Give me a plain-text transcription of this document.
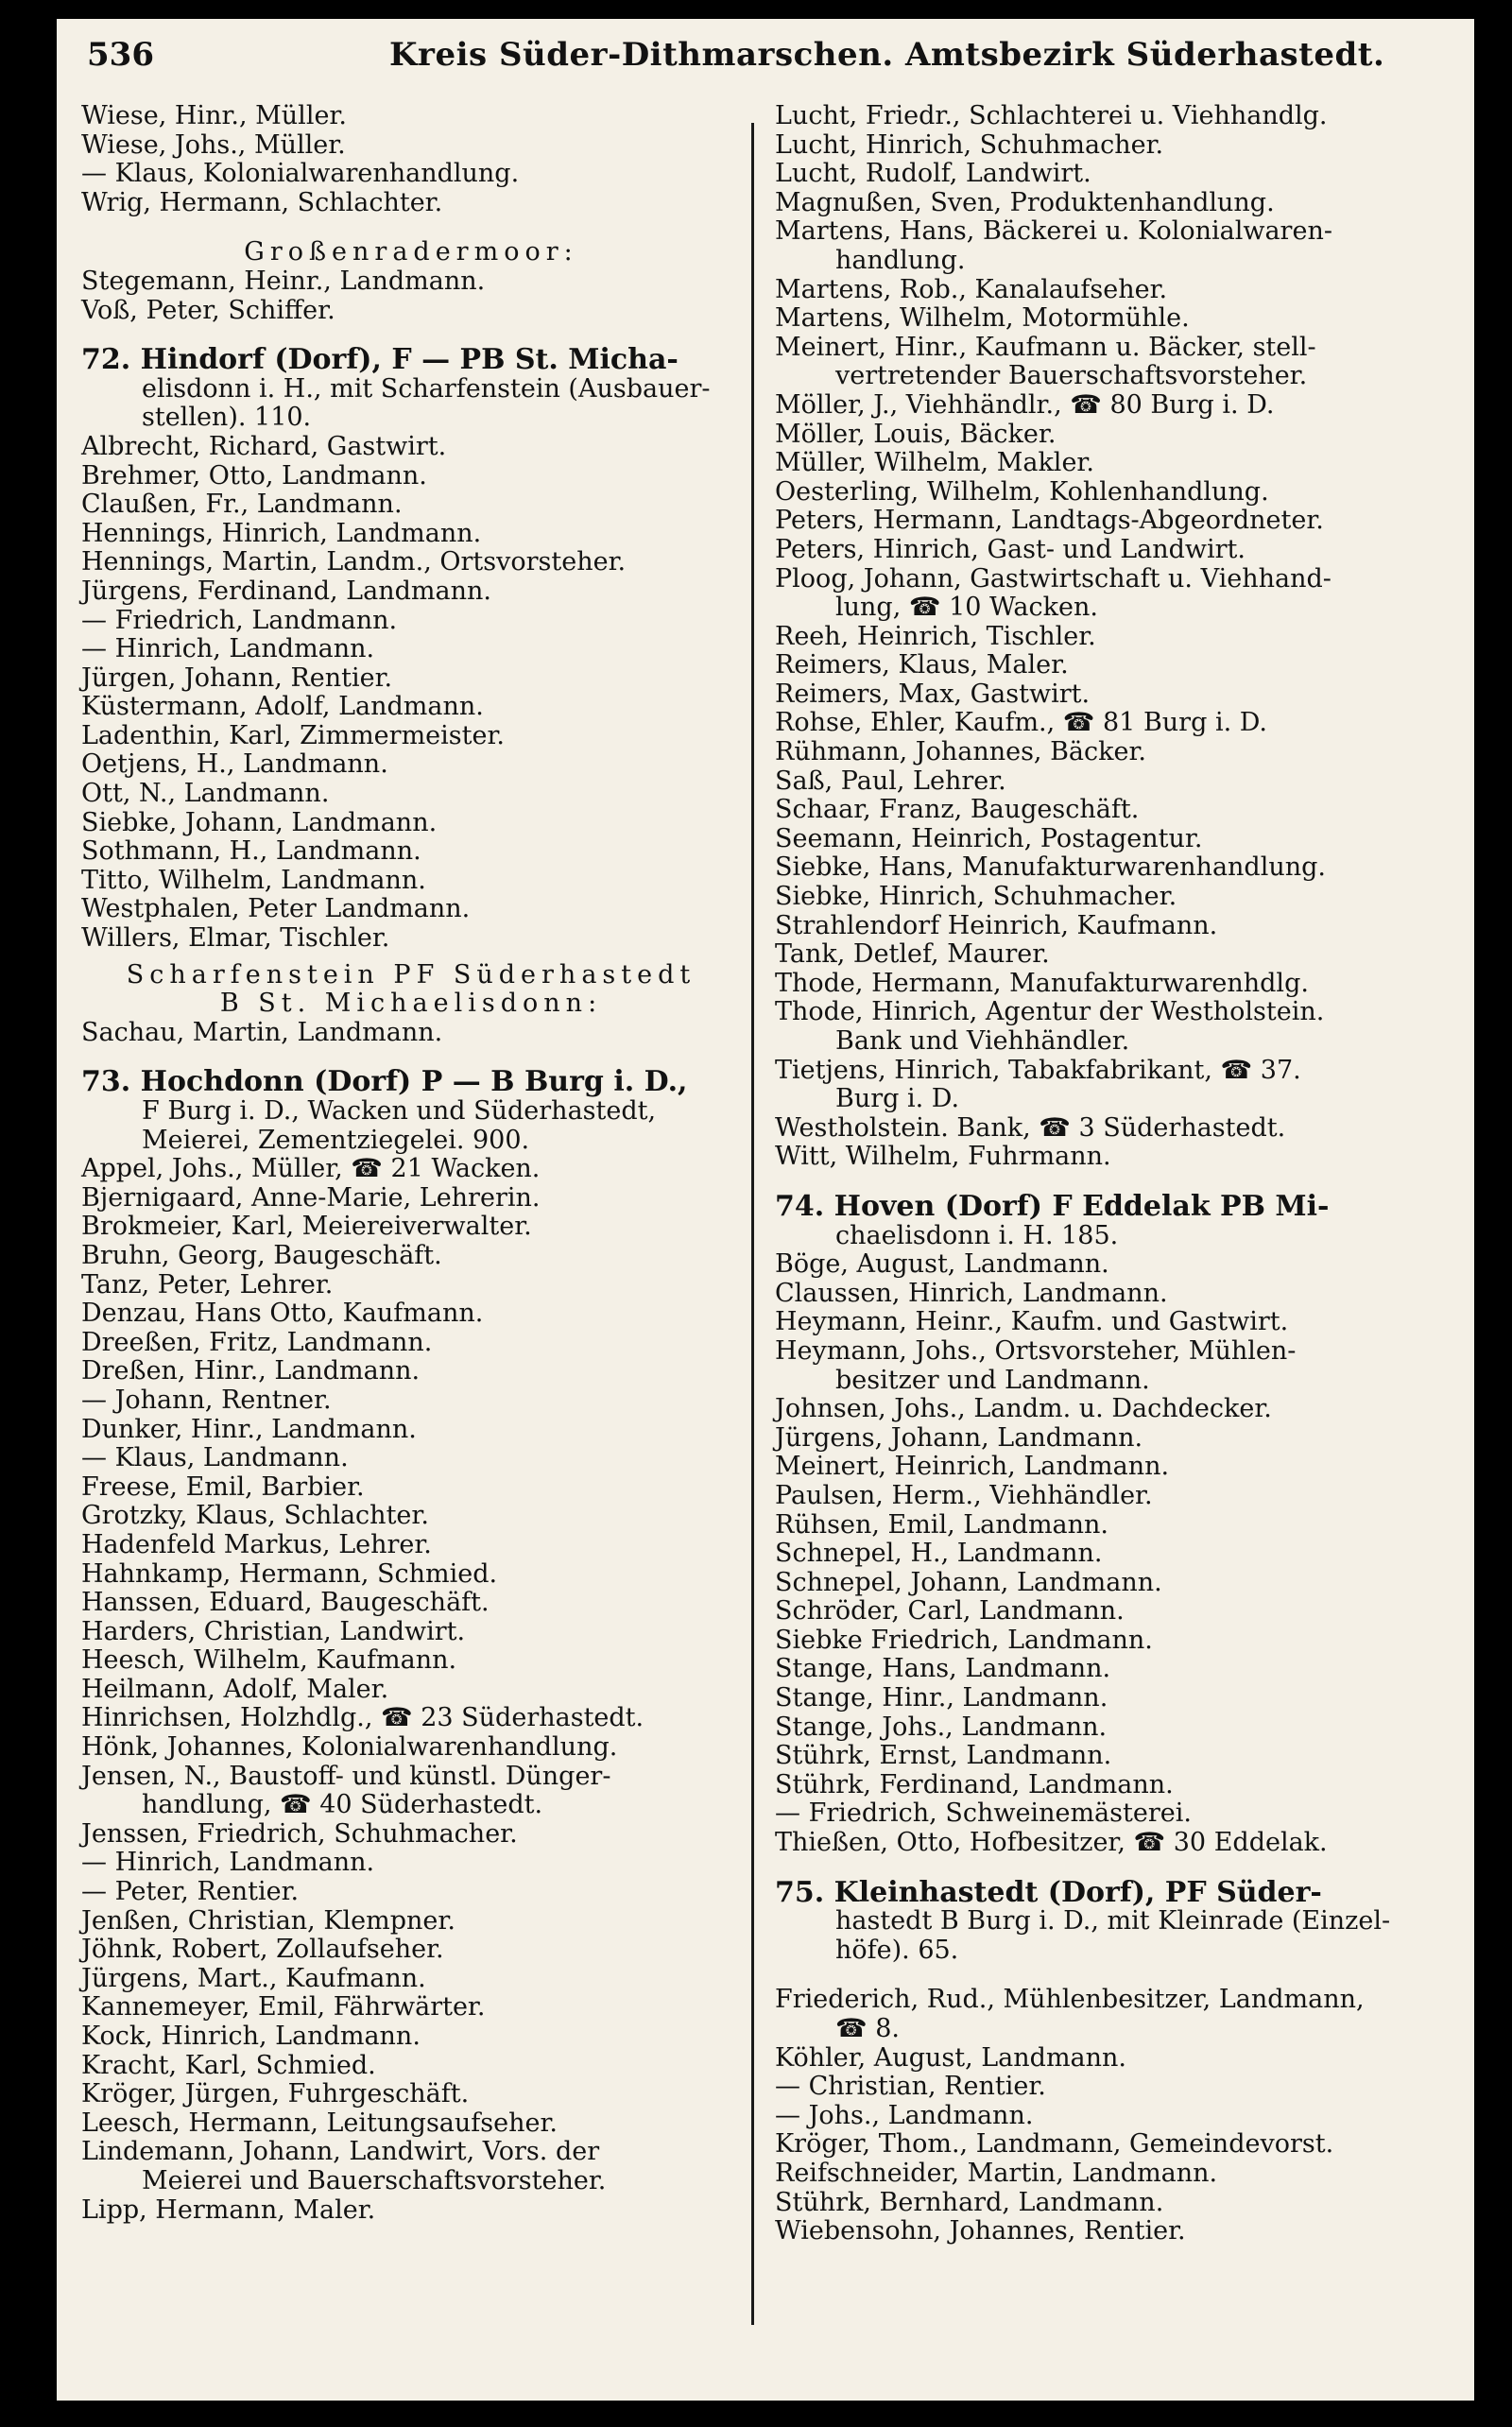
536	Kreis Süder-Dithmarschen. Amtsbezirk Süderhastedt.
Wiese, Hinr., Müller.
Wiese, Johs., Müller.
— Klaus, Kolonialwarenhandlung.
Wrig, Hermann, Schlachter.
Großenradermoor:
Stegemann, Heinr., Landmann.
Voß, Peter, Schiffer.
72. Hindorf (Dorf), F — PB St. Micha-
elisdonn i. H., mit Scharfenstein (Ausbauer-
stellen). 110.
Albrecht, Richard, Gastwirt.
Brehmer, Otto, Landmann.
Claußen, Fr., Landmann.
Hennings, Hinrich, Landmann.
Hennings, Martin, Landm., Ortsvorsteher.
Jürgens, Ferdinand, Landmann.
— Friedrich, Landmann.
— Hinrich, Landmann.
Jürgen, Johann, Rentier.
Küstermann, Adolf, Landmann.
Ladenthin, Karl, Zimmermeister.
Oetjens, H., Landmann.
Ott, N., Landmann.
Siebke, Johann, Landmann.
Sothmann, H., Landmann.
Titto, Wilhelm, Landmann.
Westphalen, Peter Landmann.
Willers, Elmar, Tischler.
Scharfenstein PF Süderhastedt
B St. Michaelisdonn:
Sachau, Martin, Landmann.
73. Hochdonn (Dorf) P — B Burg i. D.,
F Burg i. D., Wacken und Süderhastedt,
Meierei, Zementziegelei. 900.
Appel, Johs., Müller, ☎ 21 Wacken.
Bjernigaard, Anne-Marie, Lehrerin.
Brokmeier, Karl, Meiereiverwalter.
Bruhn, Georg, Baugeschäft.
Tanz, Peter, Lehrer.
Denzau, Hans Otto, Kaufmann.
Dreeßen, Fritz, Landmann.
Dreßen, Hinr., Landmann.
— Johann, Rentner.
Dunker, Hinr., Landmann.
— Klaus, Landmann.
Freese, Emil, Barbier.
Grotzky, Klaus, Schlachter.
Hadenfeld Markus, Lehrer.
Hahnkamp, Hermann, Schmied.
Hanssen, Eduard, Baugeschäft.
Harders, Christian, Landwirt.
Heesch, Wilhelm, Kaufmann.
Heilmann, Adolf, Maler.
Hinrichsen, Holzhdlg., ☎ 23 Süderhastedt.
Hönk, Johannes, Kolonialwarenhandlung.
Jensen, N., Baustoff- und künstl. Dünger-
handlung, ☎ 40 Süderhastedt.
Jenssen, Friedrich, Schuhmacher.
— Hinrich, Landmann.
— Peter, Rentier.
Jenßen, Christian, Klempner.
Jöhnk, Robert, Zollaufseher.
Jürgens, Mart., Kaufmann.
Kannemeyer, Emil, Fährwärter.
Kock, Hinrich, Landmann.
Kracht, Karl, Schmied.
Kröger, Jürgen, Fuhrgeschäft.
Leesch, Hermann, Leitungsaufseher.
Lindemann, Johann, Landwirt, Vors. der
Meierei und Bauerschaftsvorsteher.
Lipp, Hermann, Maler.
Lucht, Friedr., Schlachterei u. Viehhandlg.
Lucht, Hinrich, Schuhmacher.
Lucht, Rudolf, Landwirt.
Magnußen, Sven, Produktenhandlung.
Martens, Hans, Bäckerei u. Kolonialwaren-
handlung.
Martens, Rob., Kanalaufseher.
Martens, Wilhelm, Motormühle.
Meinert, Hinr., Kaufmann u. Bäcker, stell-
vertretender Bauerschaftsvorsteher.
Möller, J., Viehhändlr., ☎ 80 Burg i. D.
Möller, Louis, Bäcker.
Müller, Wilhelm, Makler.
Oesterling, Wilhelm, Kohlenhandlung.
Peters, Hermann, Landtags-Abgeordneter.
Peters, Hinrich, Gast- und Landwirt.
Ploog, Johann, Gastwirtschaft u. Viehhand-
lung, ☎ 10 Wacken.
Reeh, Heinrich, Tischler.
Reimers, Klaus, Maler.
Reimers, Max, Gastwirt.
Rohse, Ehler, Kaufm., ☎ 81 Burg i. D.
Rühmann, Johannes, Bäcker.
Saß, Paul, Lehrer.
Schaar, Franz, Baugeschäft.
Seemann, Heinrich, Postagentur.
Siebke, Hans, Manufakturwarenhandlung.
Siebke, Hinrich, Schuhmacher.
Strahlendorf Heinrich, Kaufmann.
Tank, Detlef, Maurer.
Thode, Hermann, Manufakturwarenhdlg.
Thode, Hinrich, Agentur der Westholstein.
Bank und Viehhändler.
Tietjens, Hinrich, Tabakfabrikant, ☎ 37.
Burg i. D.
Westholstein. Bank, ☎ 3 Süderhastedt.
Witt, Wilhelm, Fuhrmann.
74. Hoven (Dorf) F Eddelak PB Mi-
chaelisdonn i. H. 185.
Böge, August, Landmann.
Claussen, Hinrich, Landmann.
Heymann, Heinr., Kaufm. und Gastwirt.
Heymann, Johs., Ortsvorsteher, Mühlen-
besitzer und Landmann.
Johnsen, Johs., Landm. u. Dachdecker.
Jürgens, Johann, Landmann.
Meinert, Heinrich, Landmann.
Paulsen, Herm., Viehhändler.
Rühsen, Emil, Landmann.
Schnepel, H., Landmann.
Schnepel, Johann, Landmann.
Schröder, Carl, Landmann.
Siebke Friedrich, Landmann.
Stange, Hans, Landmann.
Stange, Hinr., Landmann.
Stange, Johs., Landmann.
Stührk, Ernst, Landmann.
Stührk, Ferdinand, Landmann.
— Friedrich, Schweinemästerei.
Thießen, Otto, Hofbesitzer, ☎ 30 Eddelak.
75. Kleinhastedt (Dorf), PF Süder-
hastedt B Burg i. D., mit Kleinrade (Einzel-
höfe). 65.
Friederich, Rud., Mühlenbesitzer, Landmann,
☎ 8.
Köhler, August, Landmann.
— Christian, Rentier.
— Johs., Landmann.
Kröger, Thom., Landmann, Gemeindevorst.
Reifschneider, Martin, Landmann.
Stührk, Bernhard, Landmann.
Wiebensohn, Johannes, Rentier.
